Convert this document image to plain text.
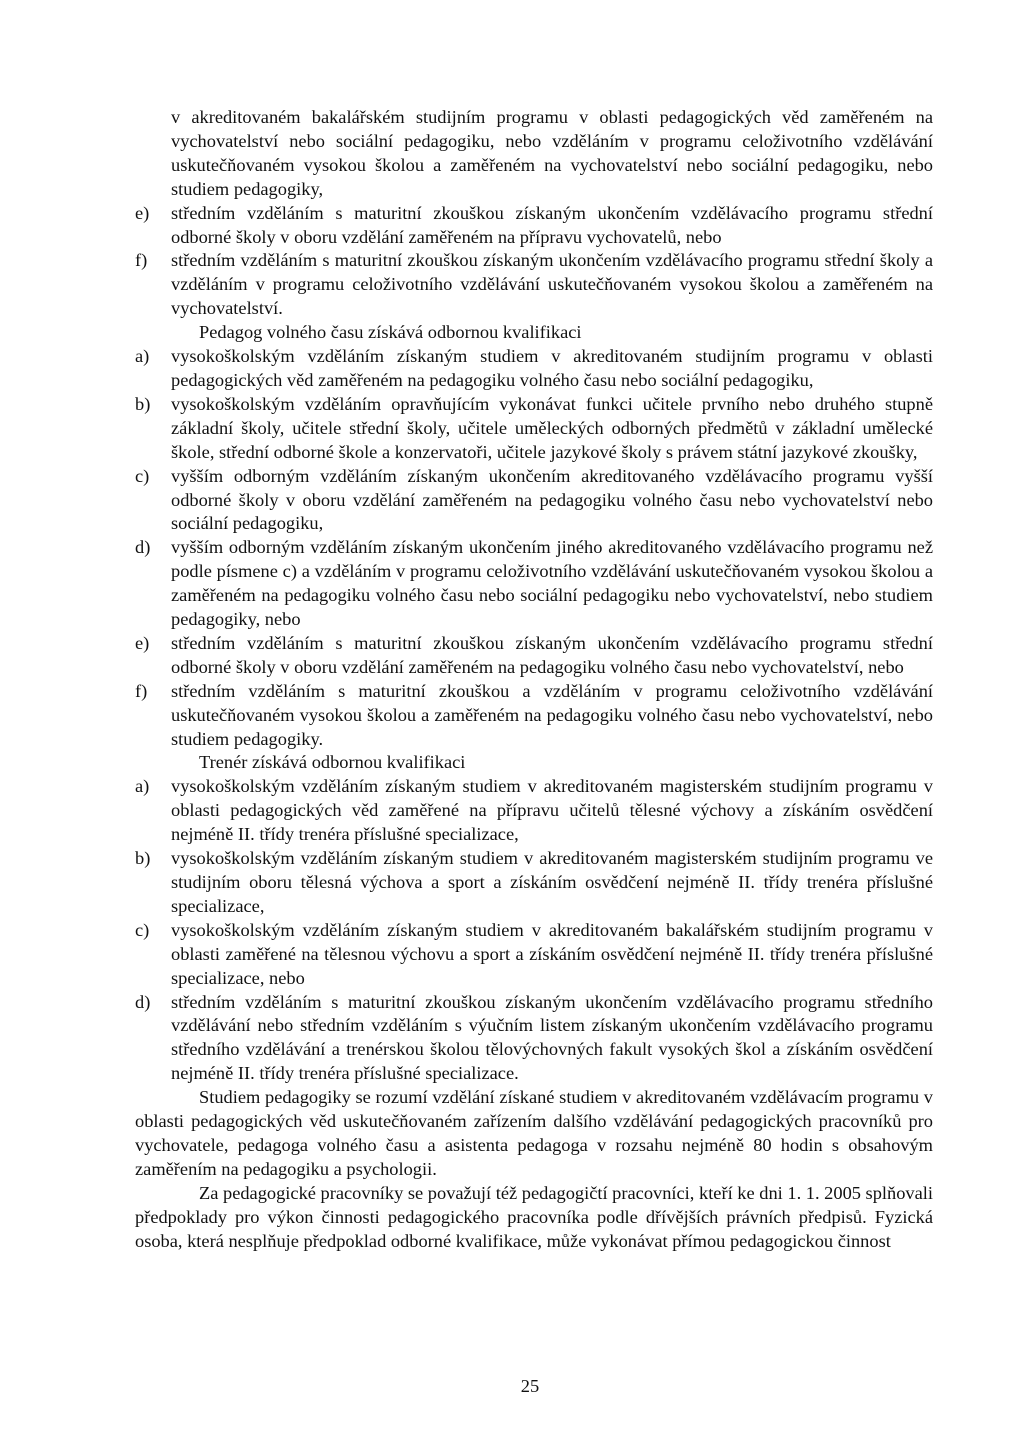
v akreditovaném bakalářském studijním programu v oblasti pedagogických věd zaměřeném na vychovatelství nebo sociální pedagogiku, nebo vzděláním v programu celoživotního vzdělávání uskutečňovaném vysokou školou a zaměřeném na vychovatelství nebo sociální pedagogiku, nebo studiem pedagogiky,
e)	středním vzděláním s maturitní zkouškou získaným ukončením vzdělávacího programu střední odborné školy v oboru vzdělání zaměřeném na přípravu vychovatelů, nebo
f)	středním vzděláním s maturitní zkouškou získaným ukončením vzdělávacího programu střední školy a vzděláním v programu celoživotního vzdělávání uskutečňovaném vysokou školou a zaměřeném na vychovatelství.
Pedagog volného času získává odbornou kvalifikaci
a)	vysokoškolským vzděláním získaným studiem v akreditovaném studijním programu v oblasti pedagogických věd zaměřeném na pedagogiku volného času nebo sociální pedagogiku,
b)	vysokoškolským vzděláním opravňujícím vykonávat funkci učitele prvního nebo druhého stupně základní školy, učitele střední školy, učitele uměleckých odborných předmětů v základní umělecké škole, střední odborné škole a konzervatoři, učitele jazykové školy s právem státní jazykové zkoušky,
c)	vyšším odborným vzděláním získaným ukončením akreditovaného vzdělávacího programu vyšší odborné školy v oboru vzdělání zaměřeném na pedagogiku volného času nebo vychovatelství nebo sociální pedagogiku,
d)	vyšším odborným vzděláním získaným ukončením jiného akreditovaného vzdělávacího programu než podle písmene c) a vzděláním v programu celoživotního vzdělávání uskutečňovaném vysokou školou a zaměřeném na pedagogiku volného času nebo sociální pedagogiku nebo vychovatelství, nebo studiem pedagogiky, nebo
e)	středním vzděláním s maturitní zkouškou získaným ukončením vzdělávacího programu střední odborné školy v oboru vzdělání zaměřeném na pedagogiku volného času nebo vychovatelství, nebo
f)	středním vzděláním s maturitní zkouškou a vzděláním v programu celoživotního vzdělávání uskutečňovaném vysokou školou a zaměřeném na pedagogiku volného času nebo vychovatelství, nebo studiem pedagogiky.
Trenér získává odbornou kvalifikaci
a)	vysokoškolským vzděláním získaným studiem v akreditovaném magisterském studijním programu v oblasti pedagogických věd zaměřené na přípravu učitelů tělesné výchovy a získáním osvědčení nejméně II. třídy trenéra příslušné specializace,
b)	vysokoškolským vzděláním získaným studiem v akreditovaném magisterském studijním programu ve studijním oboru tělesná výchova a sport a získáním osvědčení nejméně II. třídy trenéra příslušné specializace,
c)	vysokoškolským vzděláním získaným studiem v akreditovaném bakalářském studijním programu v oblasti zaměřené na tělesnou výchovu a sport a získáním osvědčení nejméně II. třídy trenéra příslušné specializace, nebo
d)	středním vzděláním s maturitní zkouškou získaným ukončením vzdělávacího programu středního vzdělávání nebo středním vzděláním s výučním listem získaným ukončením vzdělávacího programu středního vzdělávání a trenérskou školou tělovýchovných fakult vysokých škol a získáním osvědčení nejméně II. třídy trenéra příslušné specializace.
Studiem pedagogiky se rozumí vzdělání získané studiem v akreditovaném vzdělávacím programu v oblasti pedagogických věd uskutečňovaném zařízením dalšího vzdělávání pedagogických pracovníků pro vychovatele, pedagoga volného času a asistenta pedagoga v rozsahu nejméně 80 hodin s obsahovým zaměřením na pedagogiku a psychologii.
Za pedagogické pracovníky se považují též pedagogičtí pracovníci, kteří ke dni 1. 1. 2005 splňovali předpoklady pro výkon činnosti pedagogického pracovníka podle dřívějších právních předpisů. Fyzická osoba, která nesplňuje předpoklad odborné kvalifikace, může vykonávat přímou pedagogickou činnost
25
